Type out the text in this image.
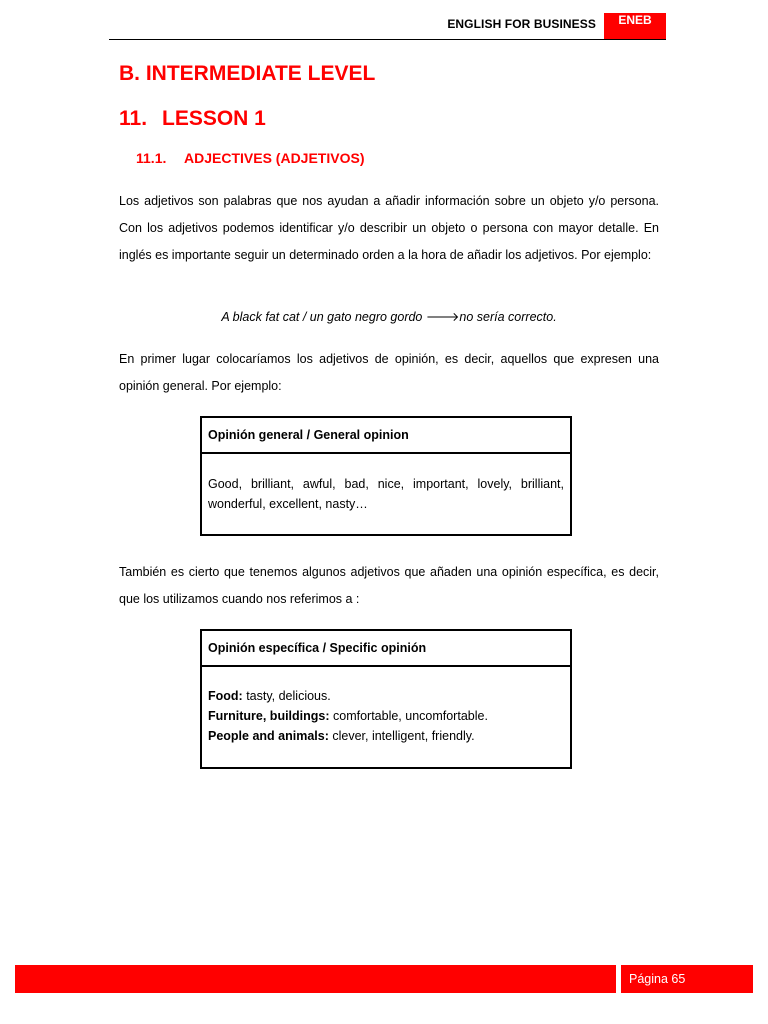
ENGLISH FOR BUSINESS	ENEB
B. INTERMEDIATE LEVEL
11. LESSON 1
11.1. ADJECTIVES (ADJETIVOS)

Los adjetivos son palabras que nos ayudan a añadir información sobre un objeto y/o persona. Con los adjetivos podemos identificar y/o describir un objeto o persona con mayor detalle. En inglés es importante seguir un determinado orden a la hora de añadir los adjetivos. Por ejemplo:

A black fat cat / un gato negro gordo 🡒no sería correcto.

En primer lugar colocaríamos los adjetivos de opinión, es decir, aquellos que expresen una opinión general. Por ejemplo:

Opinión general / General opinion
Good, brilliant, awful, bad, nice, important, lovely, brilliant, wonderful, excellent, nasty…

También es cierto que tenemos algunos adjetivos que añaden una opinión específica, es decir, que los utilizamos cuando nos referimos a :

Opinión específica / Specific opinión
Food: tasty, delicious.
Furniture, buildings: comfortable, uncomfortable.
People and animals: clever, intelligent, friendly.
Página 65
